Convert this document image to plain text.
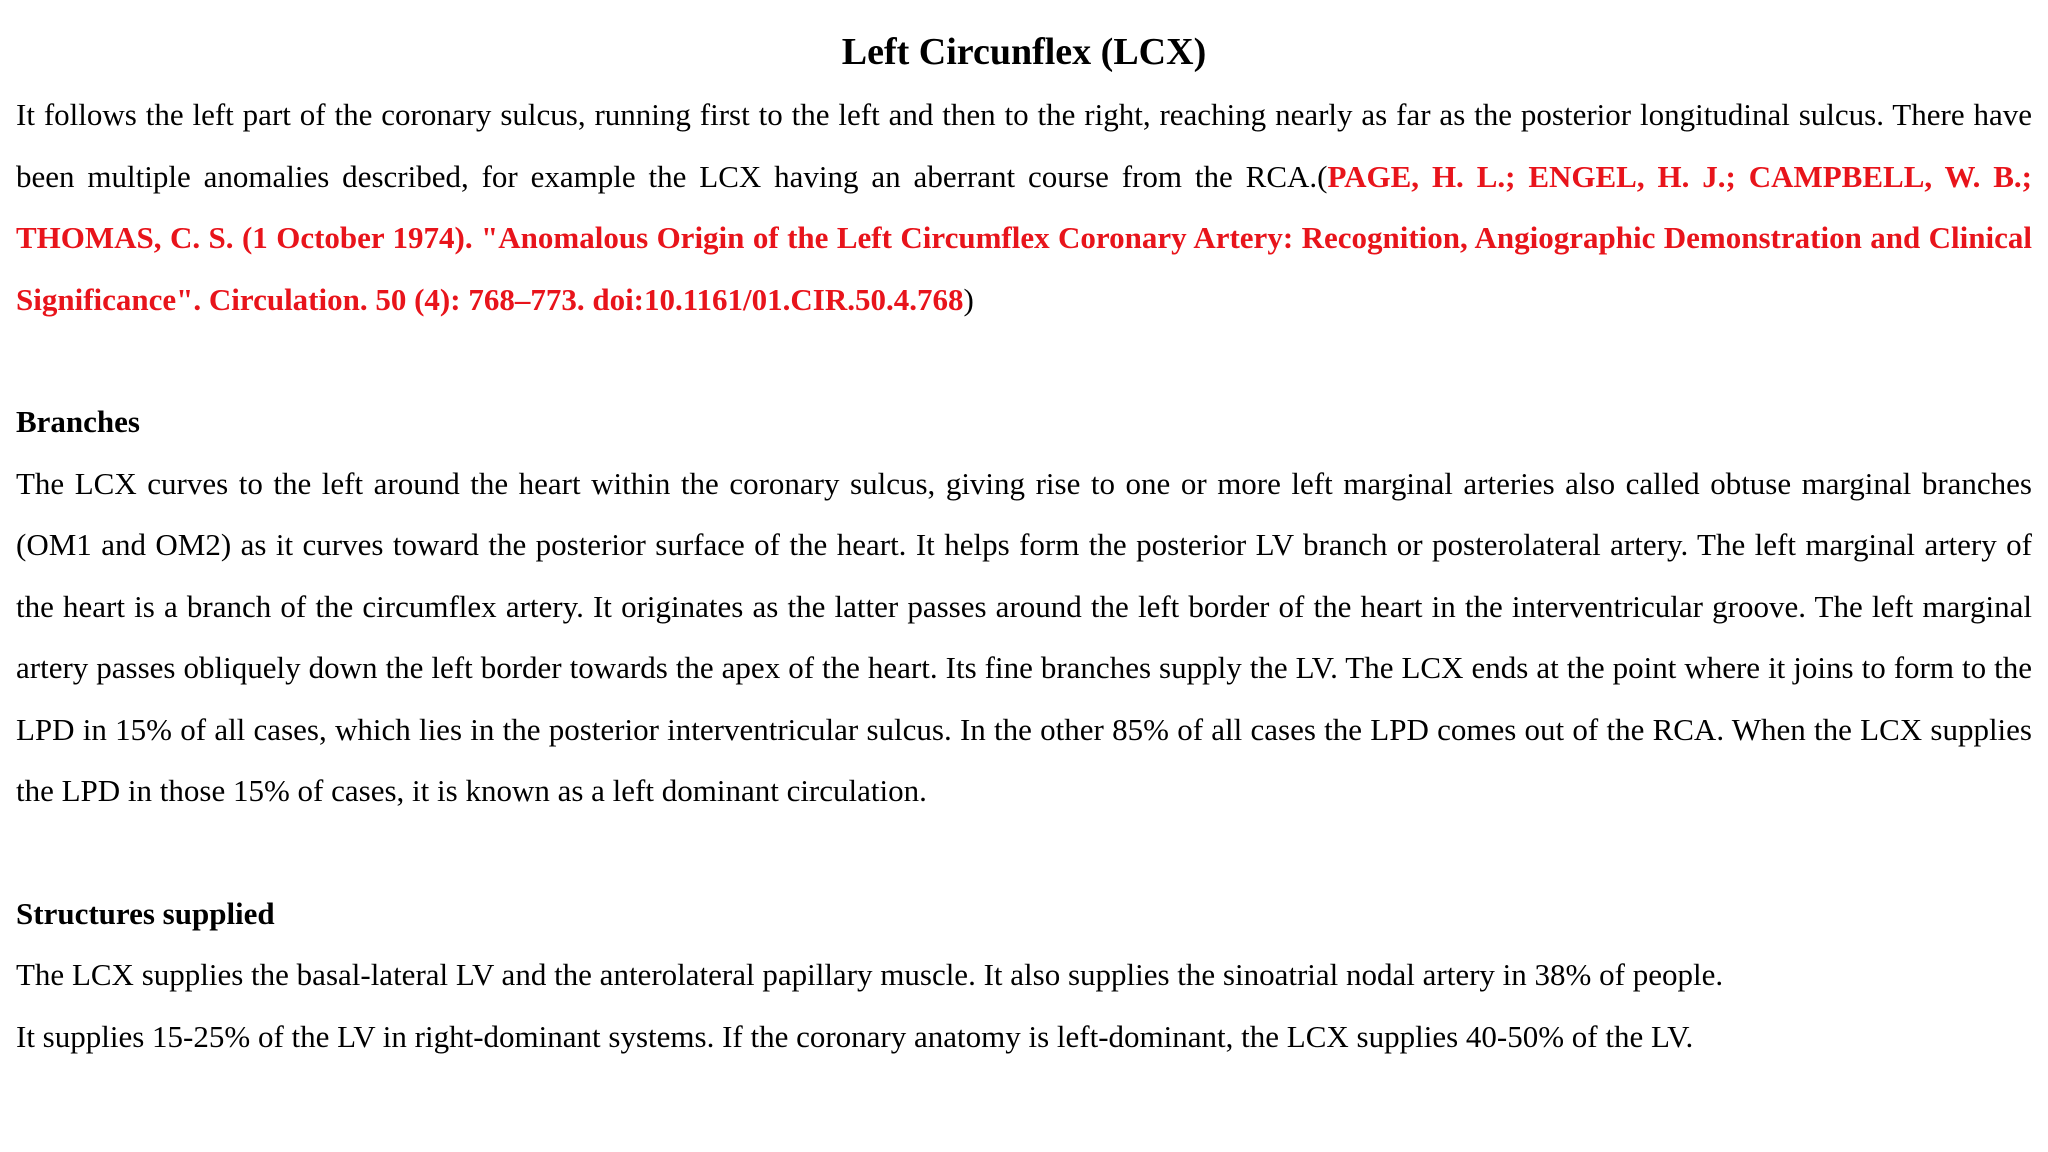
Left Circunflex (LCX)

It follows the left part of the coronary sulcus, running first to the left and then to the right, reaching nearly as far as the posterior longitudinal sulcus. There have been multiple anomalies described, for example the LCX having an aberrant course from the RCA.(PAGE, H. L.; ENGEL, H. J.; CAMPBELL, W. B.; THOMAS, C. S. (1 October 1974). "Anomalous Origin of the Left Circumflex Coronary Artery: Recognition, Angiographic Demonstration and Clinical Significance". Circulation. 50 (4): 768–773. doi:10.1161/01.CIR.50.4.768)

Branches

The LCX curves to the left around the heart within the coronary sulcus, giving rise to one or more left marginal arteries also called obtuse marginal branches (OM1 and OM2) as it curves toward the posterior surface of the heart. It helps form the posterior LV branch or posterolateral artery. The left marginal artery of the heart is a branch of the circumflex artery. It originates as the latter passes around the left border of the heart in the interventricular groove. The left marginal artery passes obliquely down the left border towards the apex of the heart. Its fine branches supply the LV. The LCX ends at the point where it joins to form to the LPD in 15% of all cases, which lies in the posterior interventricular sulcus. In the other 85% of all cases the LPD comes out of the RCA. When the LCX supplies the LPD in those 15% of cases, it is known as a left dominant circulation.

Structures supplied

The LCX supplies the basal-lateral LV and the anterolateral papillary muscle. It also supplies the sinoatrial nodal artery in 38% of people.

It supplies 15-25% of the LV in right-dominant systems. If the coronary anatomy is left-dominant, the LCX supplies 40-50% of the LV.
